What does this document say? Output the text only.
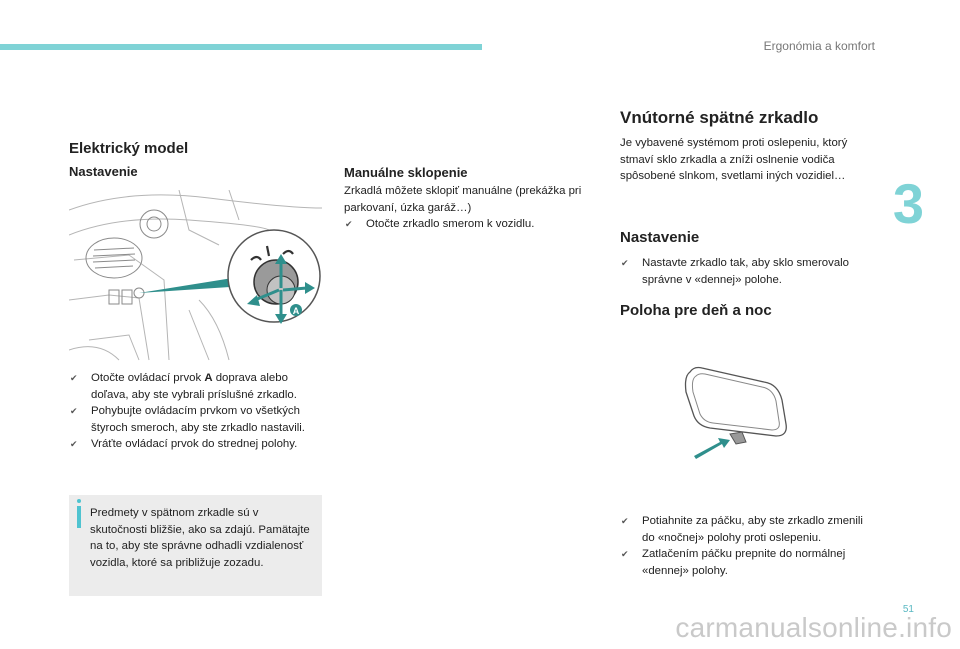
Ergonómia a komfort
3
Elektrický model
Nastavenie
A
✔ Otočte ovládací prvok A doprava alebo doľava, aby ste vybrali príslušné zrkadlo.
✔ Pohybujte ovládacím prvkom vo všetkých štyroch smeroch, aby ste zrkadlo nastavili.
✔ Vráťte ovládací prvok do strednej polohy.
Predmety v spätnom zrkadle sú v skutočnosti bližšie, ako sa zdajú. Pamätajte na to, aby ste správne odhadli vzdialenosť vozidla, ktoré sa približuje zozadu.
Manuálne sklopenie
Zrkadlá môžete sklopiť manuálne (prekážka pri parkovaní, úzka garáž…)
✔ Otočte zrkadlo smerom k vozidlu.
Vnútorné spätné zrkadlo
Je vybavené systémom proti oslepeniu, ktorý stmaví sklo zrkadla a zníži oslnenie vodiča spôsobené slnkom, svetlami iných vozidiel…
Nastavenie
✔ Nastavte zrkadlo tak, aby sklo smerovalo správne v «dennej» polohe.
Poloha pre deň a noc
✔ Potiahnite za páčku, aby ste zrkadlo zmenili do «nočnej» polohy proti oslepeniu.
✔ Zatlačením páčku prepnite do normálnej «dennej» polohy.
51
carmanualsonline.info
